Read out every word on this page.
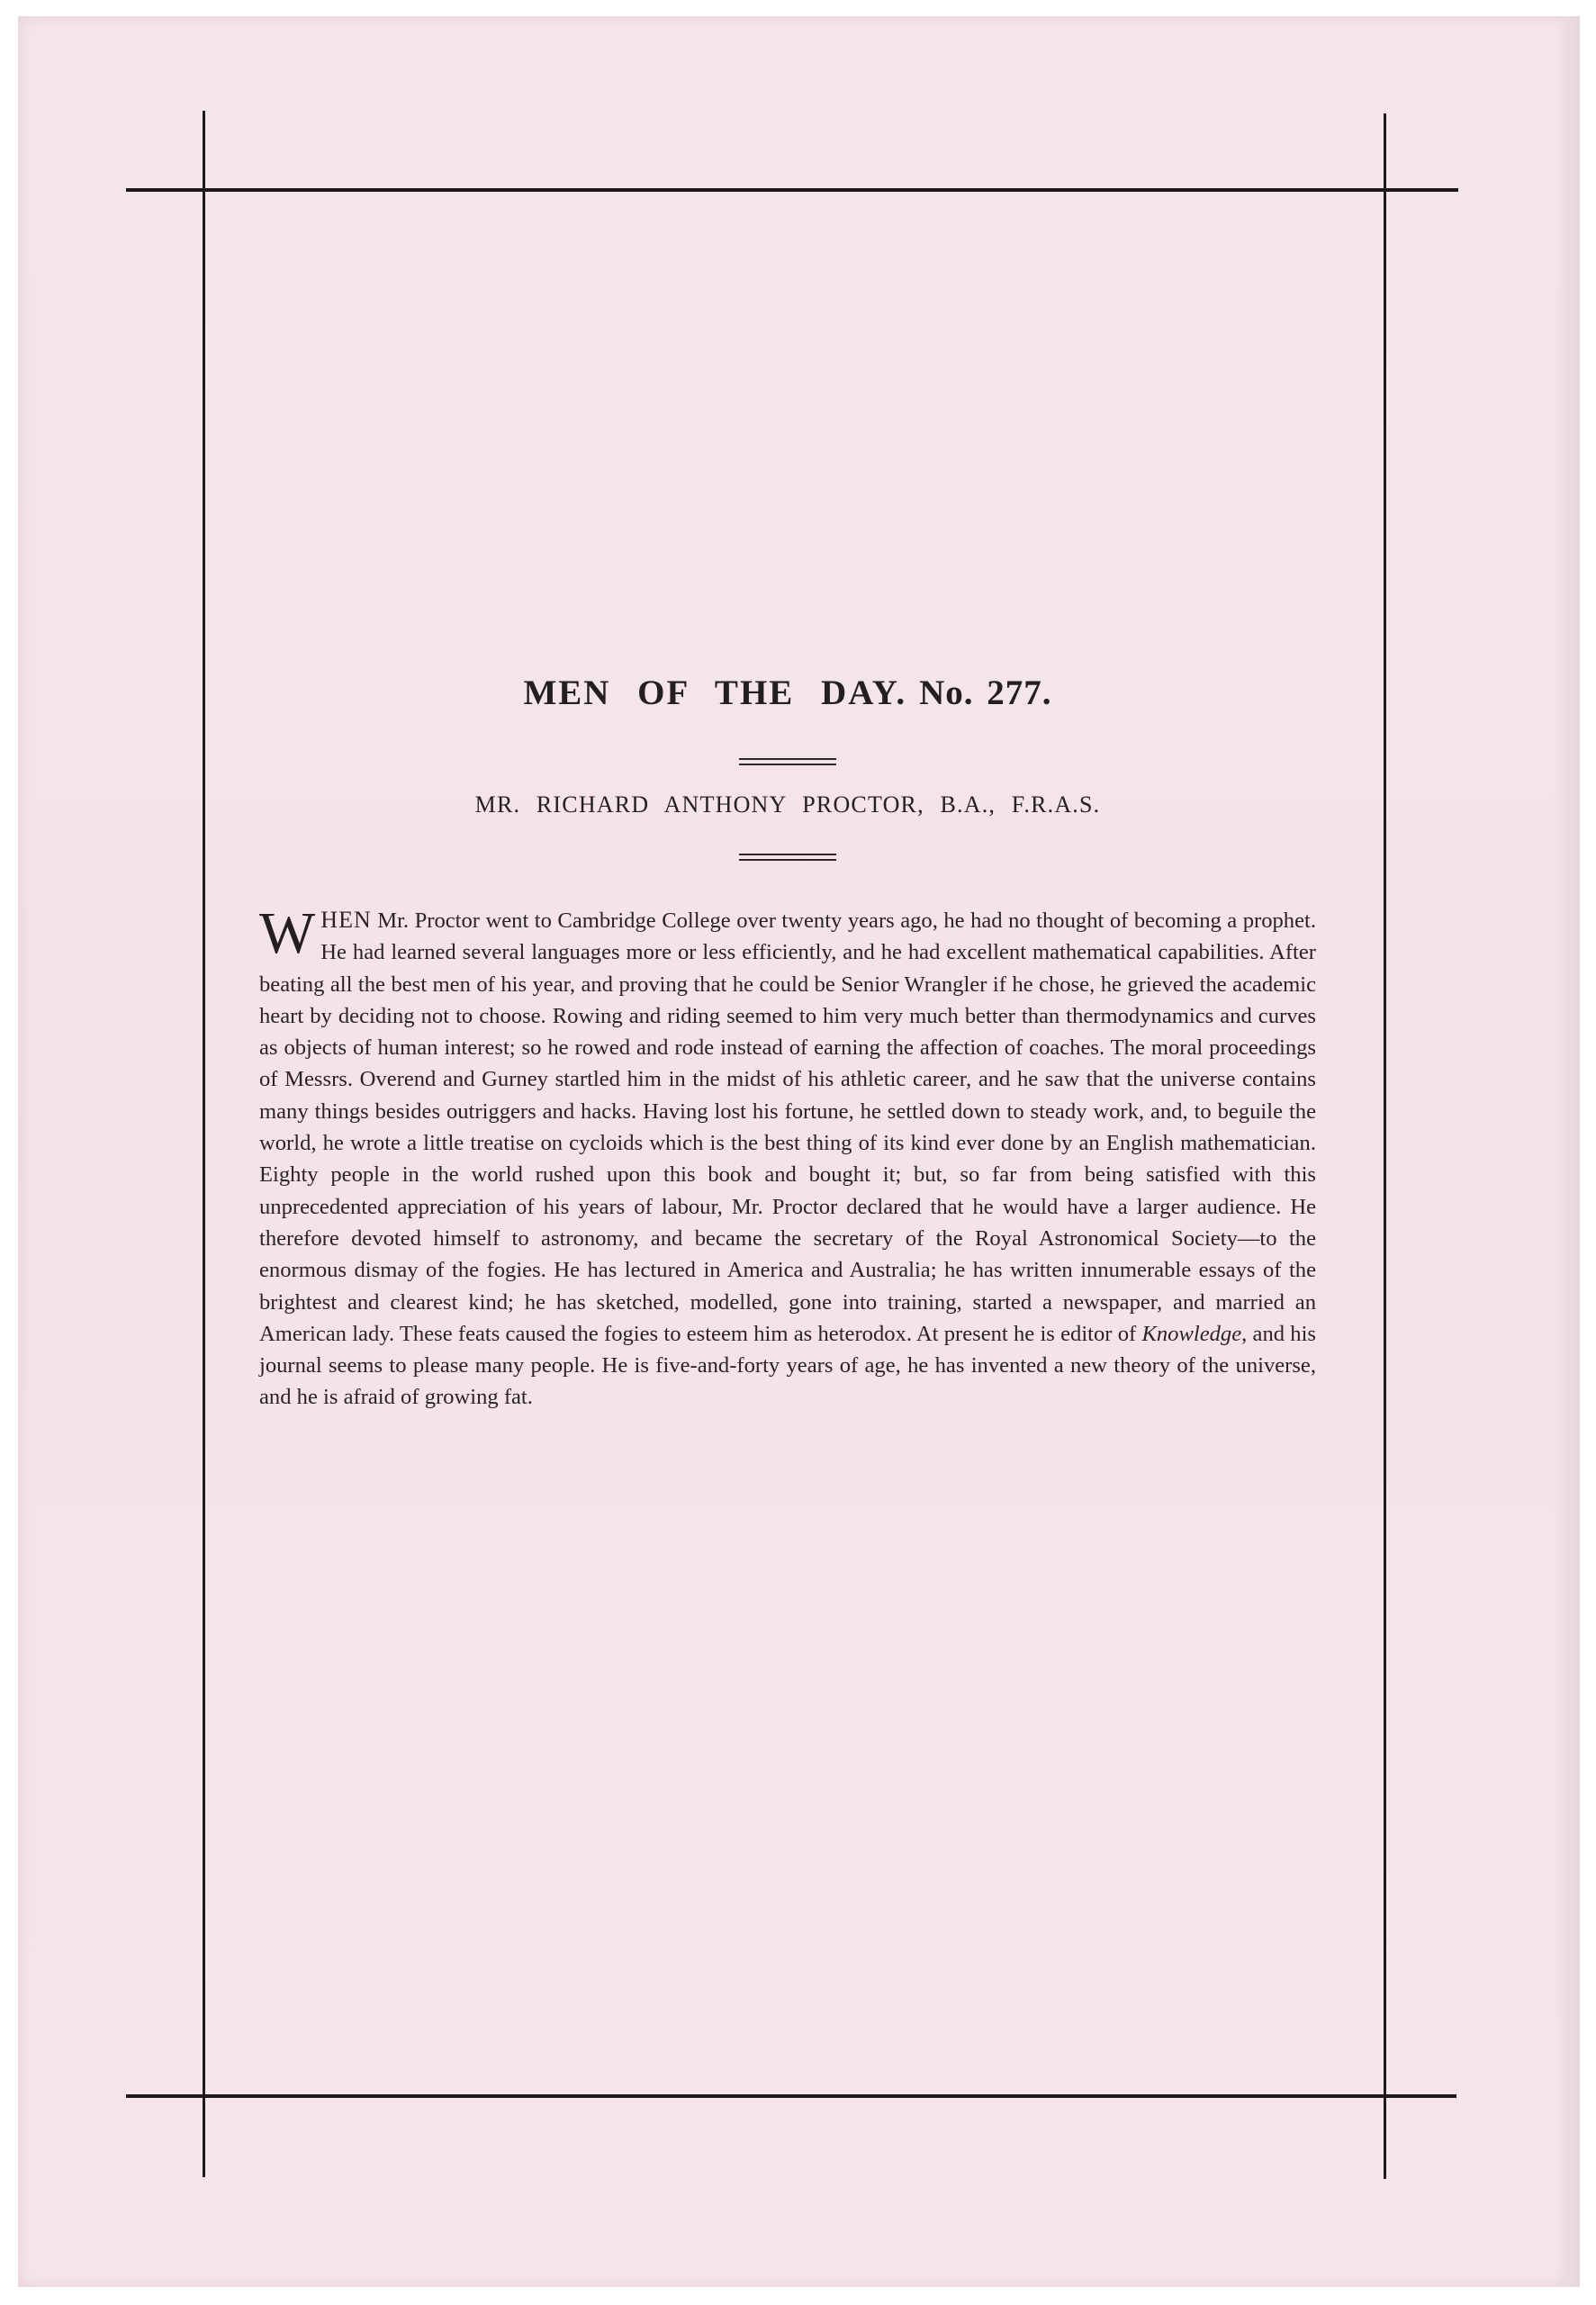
MEN OF THE DAY. No. 277.
MR. RICHARD ANTHONY PROCTOR, B.A., F.R.A.S.

WHEN Mr. Proctor went to Cambridge College over twenty years ago, he had no thought of becoming a prophet. He had learned several languages more or less efficiently, and he had excellent mathematical capabilities. After beating all the best men of his year, and proving that he could be Senior Wrangler if he chose, he grieved the academic heart by deciding not to choose. Rowing and riding seemed to him very much better than thermodynamics and curves as objects of human interest; so he rowed and rode instead of earning the affection of coaches. The moral proceedings of Messrs. Overend and Gurney startled him in the midst of his athletic career, and he saw that the universe contains many things besides outriggers and hacks. Having lost his fortune, he settled down to steady work, and, to beguile the world, he wrote a little treatise on cycloids which is the best thing of its kind ever done by an English mathematician. Eighty people in the world rushed upon this book and bought it; but, so far from being satisfied with this unprecedented appreciation of his years of labour, Mr. Proctor declared that he would have a larger audience. He therefore devoted himself to astronomy, and became the secretary of the Royal Astronomical Society—to the enormous dismay of the fogies. He has lectured in America and Australia; he has written innumerable essays of the brightest and clearest kind; he has sketched, modelled, gone into training, started a newspaper, and married an American lady. These feats caused the fogies to esteem him as heterodox. At present he is editor of Knowledge, and his journal seems to please many people. He is five-and-forty years of age, he has invented a new theory of the universe, and he is afraid of growing fat.
